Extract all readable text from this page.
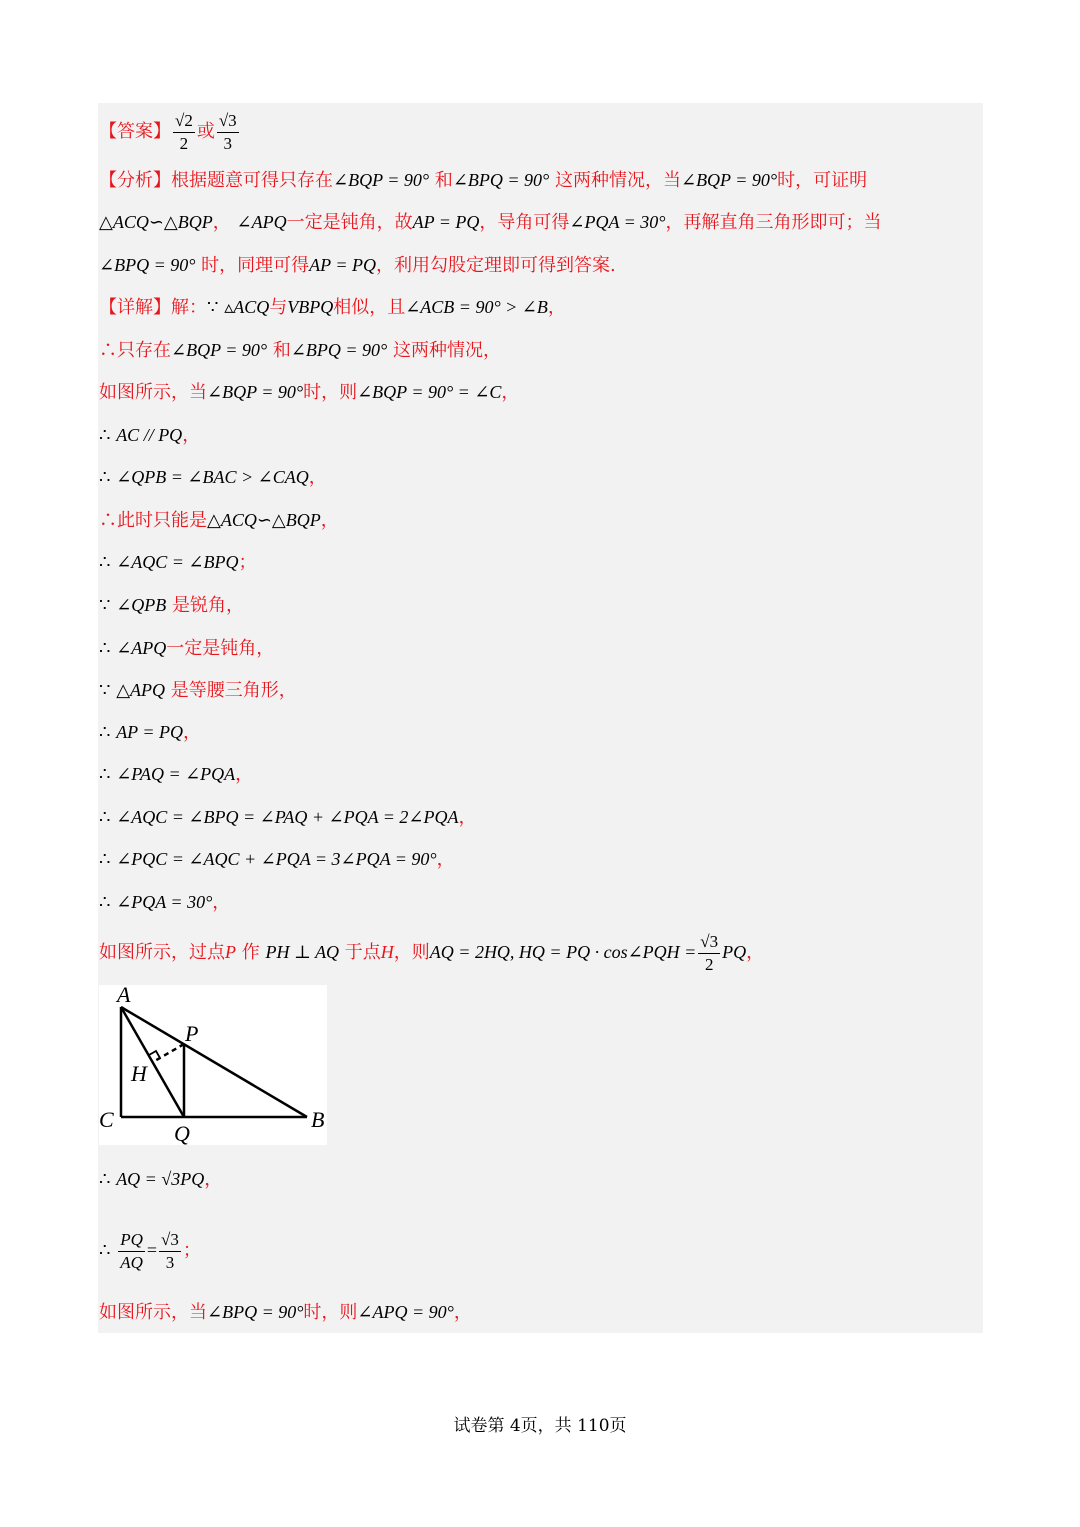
【答案】 $\frac{√2}{2}$ 或 $\frac{√3}{3}$
【分析】根据题意可得只存在∠BQP = 90° 和∠BPQ = 90° 这两种情况，当∠BQP = 90°时，可证明
△ACQ∽△BQP， ∠APQ一定是钝角，故AP = PQ，导角可得∠PQA = 30°，再解直角三角形即可；当
∠BPQ = 90° 时，同理可得AP = PQ，利用勾股定理即可得到答案.
【详解】解：∵ ▵ACQ与VBPQ相似，且∠ACB = 90° > ∠B，
∴只存在∠BQP = 90° 和∠BPQ = 90° 这两种情况，
如图所示，当∠BQP = 90°时，则∠BQP = 90° = ∠C，
∴ AC // PQ，
∴ ∠QPB = ∠BAC > ∠CAQ，
∴此时只能是△ACQ∽△BQP，
∴ ∠AQC = ∠BPQ；
∵ ∠QPB 是锐角，
∴ ∠APQ一定是钝角，
∵ △APQ 是等腰三角形，
∴ AP = PQ，
∴ ∠PAQ = ∠PQA，
∴ ∠AQC = ∠BPQ = ∠PAQ + ∠PQA = 2∠PQA，
∴ ∠PQC = ∠AQC + ∠PQA = 3∠PQA = 90°，
∴ ∠PQA = 30°，
如图所示，过点P 作 PH ⊥ AQ 于点H，则AQ = 2HQ, HQ = PQ · cos∠PQH = $\frac{√3}{2}$ PQ，
A
P
H
C
Q
B
∴ AQ = √3PQ，
∴ $\frac{PQ}{AQ} = \frac{√3}{3}$ ；
如图所示，当∠BPQ = 90°时，则∠APQ = 90°，
试卷第 4页，共 110页
